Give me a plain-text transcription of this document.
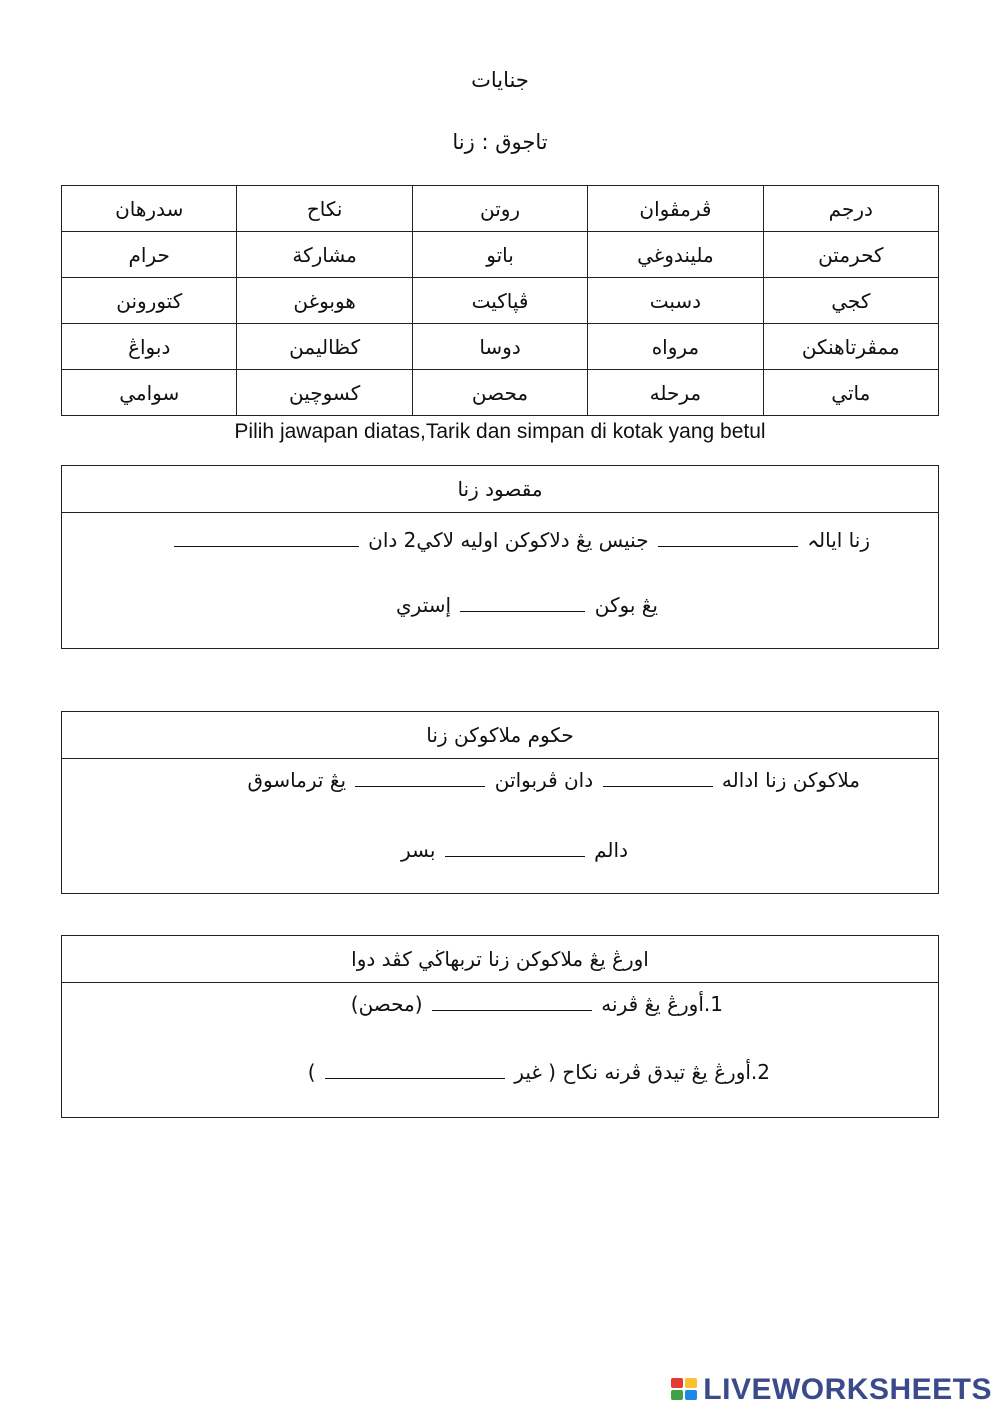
جنايات
تاجوق : زنا
درجم	ڤرمڤوان	روتن	نكاح	سدرهان
كحرمتن	ملیندوغي	باتو	مشاركة	حرام
كجي	دسبت	ڤپاكيت	هوبوغن	كتورونن
ممڤرتاهنكن	مرواه	دوسا	كظاليمن	دبواڠ
ماتي	مرحله	محصن	كسوچين	سوامي
Pilih jawapan diatas,Tarik dan simpan di kotak yang betul
مقصود زنا
زنا ايالہ  جنيس يڠ دلاكوكن اوليه لاكي2 دان
يڠ بوكن  إستري
حكوم ملاكوكن زنا
ملاكوكن زنا اداله  دان ڤربواتن  يڠ ترماسوق
دالم  بسر
اورڠ يڠ ملاكوكن زنا تربهاڬي كڤد دوا
1.أورڠ يڠ ڤرنه  (محصن)
2.أورڠ يڠ تيدق ڤرنه نكاح ( غير  )
LIVEWORKSHEETS
